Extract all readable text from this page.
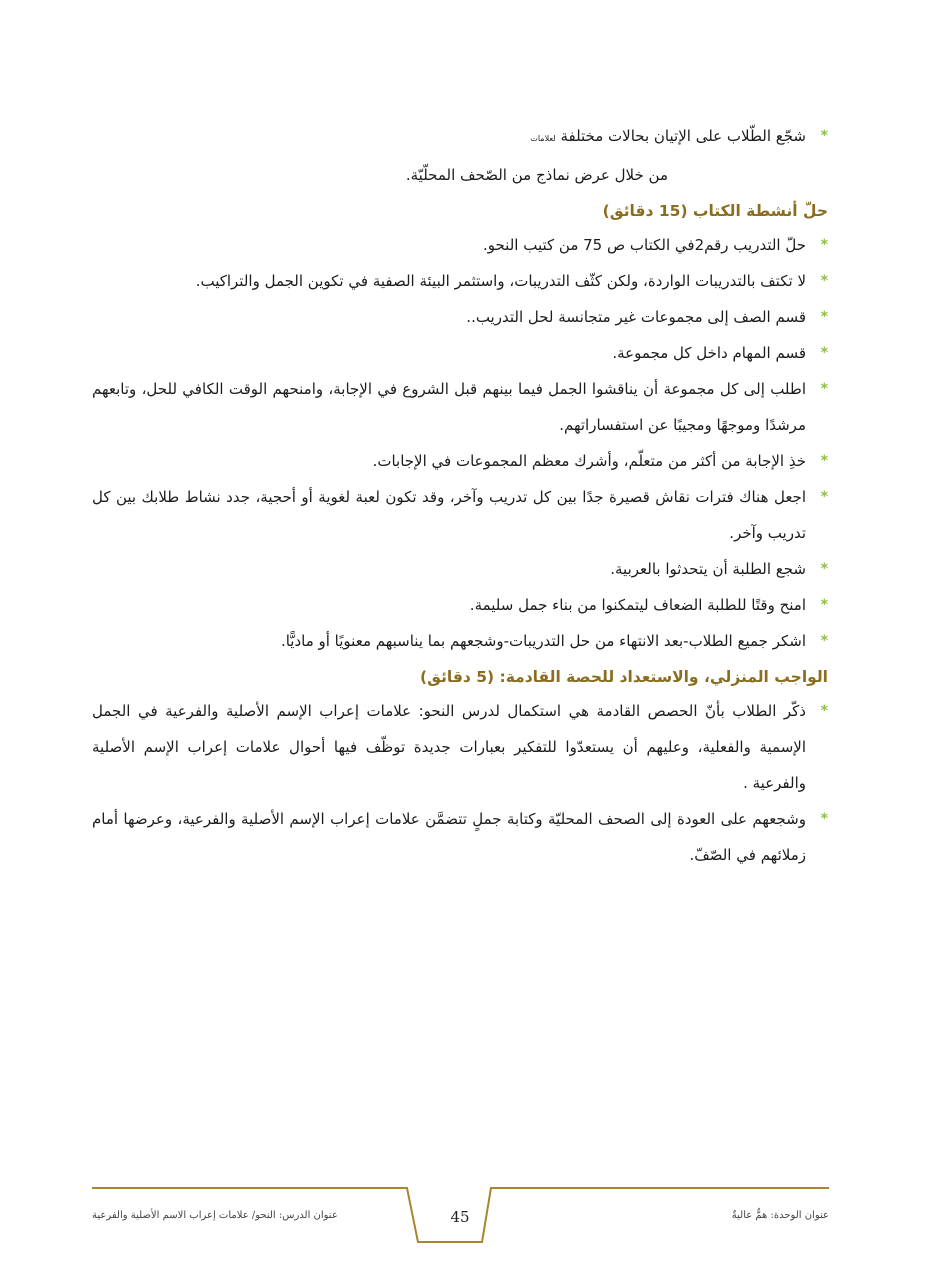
*
شجّع الطّلاب على الإتيان بحالات مختلفة لعلامات
من خلال عرض نماذج من الصّحف المحلّيّة.
حلّ أنشطة الكتاب (15 دقائق)
*
حلّ التدريب رقم2في الكتاب ص 75 من كتيب النحو.
*
لا تكتف بالتدريبات الواردة، ولكن كثّف التدريبات، واستثمر البيئة الصفية في تكوين الجمل والتراكيب.
*
قسم الصف إلى مجموعات غير متجانسة لحل التدريب..
*
قسم المهام داخل كل مجموعة.
*
اطلب إلى كل مجموعة أن يناقشوا الجمل فيما بينهم قبل الشروع في الإجابة، وامنحهم الوقت الكافي للحل، وتابعهم مرشدًا وموجهًا ومجيبًا عن استفساراتهم.
*
خذِ الإجابة من أكثر من متعلّم، وأشرك معظم المجموعات في الإجابات.
*
اجعل هناك فترات نقاش قصيرة جدًا بين كل تدريب وآخر، وقد تكون لعبة لغوية أو أحجية، جدد نشاط طلابك بين كل تدريب وآخر.
*
شجع الطلبة أن يتحدثوا بالعربية.
*
امنح وقتًا للطلبة الضعاف ليتمكنوا من بناء جمل سليمة.
*
اشكر جميع الطلاب-بعد الانتهاء من حل التدريبات-وشجعهم بما يناسبهم معنويًا أو ماديًّا.
الواجب المنزلي، والاستعداد للحصة القادمة: (5 دقائق)
*
ذكّر الطلاب بأنّ الحصص القادمة هي استكمال لدرس النحو: علامات إعراب الإسم الأصلية والفرعية في الجمل الإسمية والفعلية، وعليهم أن يستعدّوا للتفكير بعبارات جديدة توظّف فيها أحوال علامات إعراب الإسم الأصلية والفرعية .
*
وشجعهم على العودة إلى الصحف المحليّة وكتابة جملٍ تتضمَّن علامات إعراب الإسم الأصلية والفرعية، وعرضها أمام زملائهم في الصّفّ.
عنوان الوحدة: همٌّ عاليةٌ
45
عنوان الدرس: النحو/ علامات إعراب الاسم الأصلية والفرعية
